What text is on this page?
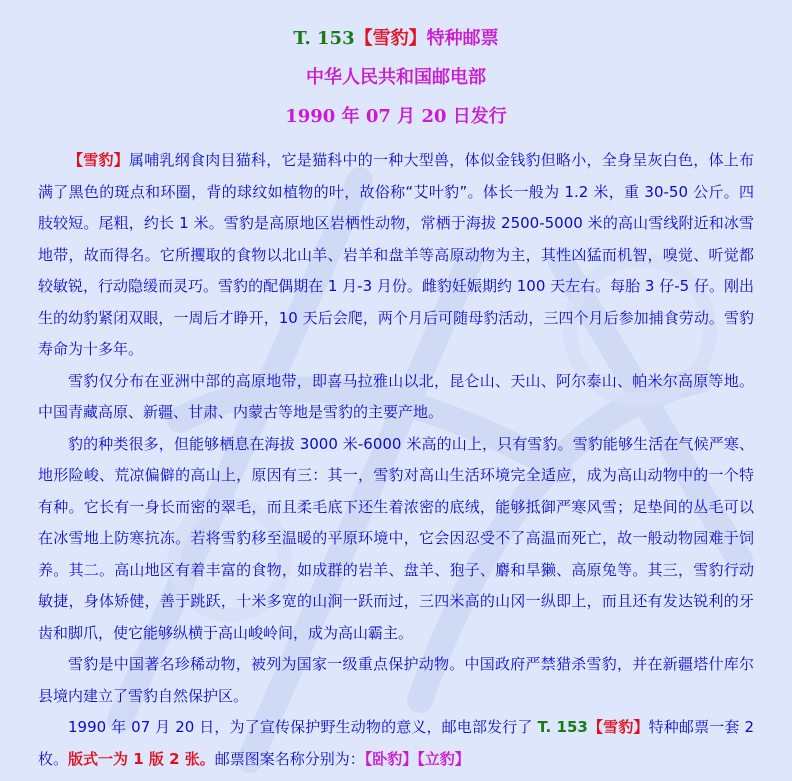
T. 153【雪豹】特种邮票
中华人民共和国邮电部
1990 年 07 月 20 日发行

【雪豹】属哺乳纲食肉目猫科，它是猫科中的一种大型兽，体似金钱豹但略小，全身呈灰白色，体上布满了黑色的斑点和环圈，背的球纹如植物的叶，故俗称“艾叶豹”。体长一般为 1.2 米，重 30-50 公斤。四肢较短。尾粗，约长 1 米。雪豹是高原地区岩栖性动物，常栖于海拔 2500-5000 米的高山雪线附近和冰雪地带，故而得名。它所攫取的食物以北山羊、岩羊和盘羊等高原动物为主，其性凶猛而机智，嗅觉、听觉都较敏锐，行动隐缓而灵巧。雪豹的配偶期在 1 月-3 月份。雌豹妊娠期约 100 天左右。每胎 3 仔-5 仔。刚出生的幼豹紧闭双眼，一周后才睁开，10 天后会爬，两个月后可随母豹活动，三四个月后参加捕食劳动。雪豹寿命为十多年。

雪豹仅分布在亚洲中部的高原地带，即喜马拉雅山以北，昆仑山、天山、阿尔泰山、帕米尔高原等地。中国青藏高原、新疆、甘肃、内蒙古等地是雪豹的主要产地。

豹的种类很多，但能够栖息在海拔 3000 米-6000 米高的山上，只有雪豹。雪豹能够生活在气候严寒、地形险峻、荒凉偏僻的高山上，原因有三：其一，雪豹对高山生活环境完全适应，成为高山动物中的一个特有种。它长有一身长而密的翠毛，而且柔毛底下还生着浓密的底绒，能够抵御严寒风雪；足垫间的丛毛可以在冰雪地上防寒抗冻。若将雪豹移至温暖的平原环境中，它会因忍受不了高温而死亡，故一般动物园难于饲养。其二。高山地区有着丰富的食物，如成群的岩羊、盘羊、狍子、麝和旱獭、高原兔等。其三，雪豹行动敏捷，身体矫健，善于跳跃，十米多宽的山涧一跃而过，三四米高的山冈一纵即上，而且还有发达锐利的牙齿和脚爪，使它能够纵横于高山峻岭间，成为高山霸主。

雪豹是中国著名珍稀动物，被列为国家一级重点保护动物。中国政府严禁猎杀雪豹，并在新疆塔什库尔县境内建立了雪豹自然保护区。

1990 年 07 月 20 日，为了宣传保护野生动物的意义，邮电部发行了 T. 153【雪豹】特种邮票一套 2 枚。版式一为 1 版 2 张。邮票图案名称分别为：【卧豹】【立豹】
